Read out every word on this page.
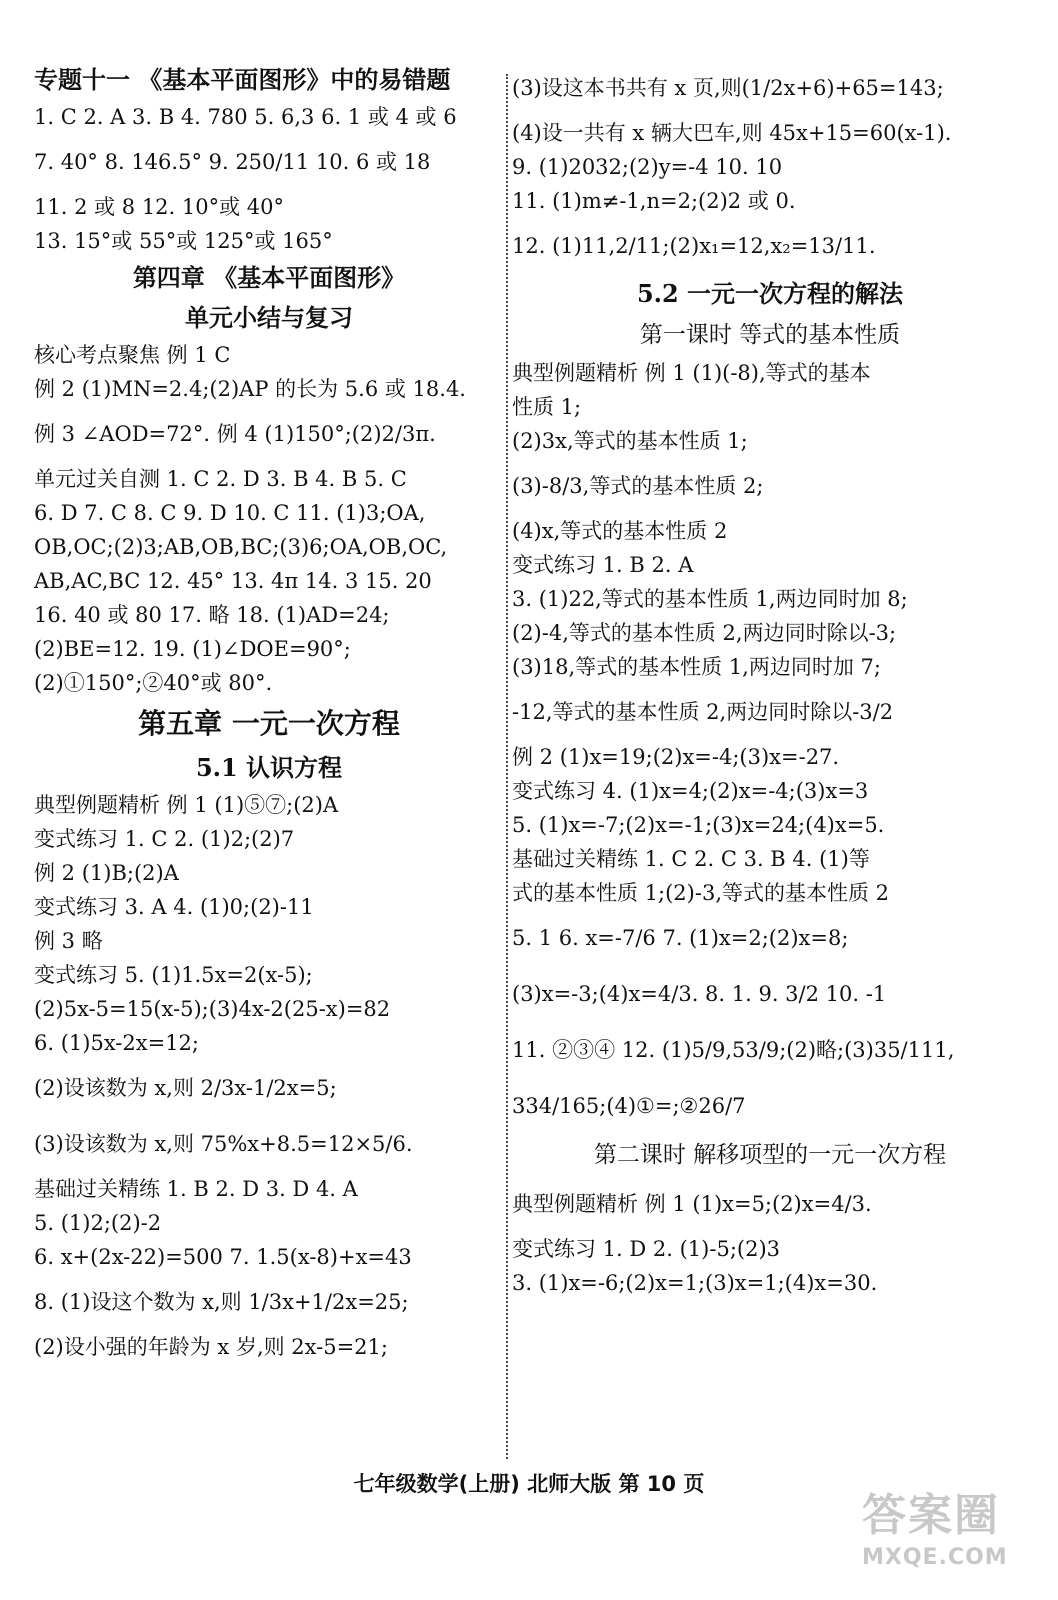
专题十一 《基本平面图形》中的易错题
1. C 2. A 3. B 4. 780 5. 6,3 6. 1 或 4 或 6
7. 40° 8. 146.5° 9. 250/11 10. 6 或 18
11. 2 或 8 12. 10°或 40°
13. 15°或 55°或 125°或 165°
第四章 《基本平面图形》
单元小结与复习
核心考点聚焦 例 1 C
例 2 (1)MN=2.4;(2)AP 的长为 5.6 或 18.4.
例 3 ∠AOD=72°. 例 4 (1)150°;(2)2/3π.
单元过关自测 1. C 2. D 3. B 4. B 5. C
6. D 7. C 8. C 9. D 10. C 11. (1)3;OA,
OB,OC;(2)3;AB,OB,BC;(3)6;OA,OB,OC,
AB,AC,BC 12. 45° 13. 4π 14. 3 15. 20
16. 40 或 80 17. 略 18. (1)AD=24;
(2)BE=12. 19. (1)∠DOE=90°;
(2)①150°;②40°或 80°.
第五章 一元一次方程
5.1 认识方程
典型例题精析 例 1 (1)⑤⑦;(2)A
变式练习 1. C 2. (1)2;(2)7
例 2 (1)B;(2)A
变式练习 3. A 4. (1)0;(2)-11
例 3 略
变式练习 5. (1)1.5x=2(x-5);
(2)5x-5=15(x-5);(3)4x-2(25-x)=82
6. (1)5x-2x=12;
(2)设该数为 x,则 2/3x-1/2x=5;
(3)设该数为 x,则 75%x+8.5=12×5/6.
基础过关精练 1. B 2. D 3. D 4. A
5. (1)2;(2)-2
6. x+(2x-22)=500 7. 1.5(x-8)+x=43
8. (1)设这个数为 x,则 1/3x+1/2x=25;
(2)设小强的年龄为 x 岁,则 2x-5=21;
(3)设这本书共有 x 页,则(1/2x+6)+65=143;
(4)设一共有 x 辆大巴车,则 45x+15=60(x-1).
9. (1)2032;(2)y=-4 10. 10
11. (1)m≠-1,n=2;(2)2 或 0.
12. (1)11,2/11;(2)x₁=12,x₂=13/11.
5.2 一元一次方程的解法
第一课时 等式的基本性质
典型例题精析 例 1 (1)(-8),等式的基本
性质 1;
(2)3x,等式的基本性质 1;
(3)-8/3,等式的基本性质 2;
(4)x,等式的基本性质 2
变式练习 1. B 2. A
3. (1)22,等式的基本性质 1,两边同时加 8;
(2)-4,等式的基本性质 2,两边同时除以-3;
(3)18,等式的基本性质 1,两边同时加 7;
-12,等式的基本性质 2,两边同时除以-3/2
例 2 (1)x=19;(2)x=-4;(3)x=-27.
变式练习 4. (1)x=4;(2)x=-4;(3)x=3
5. (1)x=-7;(2)x=-1;(3)x=24;(4)x=5.
基础过关精练 1. C 2. C 3. B 4. (1)等
式的基本性质 1;(2)-3,等式的基本性质 2
5. 1 6. x=-7/6 7. (1)x=2;(2)x=8;
(3)x=-3;(4)x=4/3. 8. 1. 9. 3/2 10. -1
11. ②③④ 12. (1)5/9,53/9;(2)略;(3)35/111,
334/165;(4)①=;②26/7
第二课时 解移项型的一元一次方程
典型例题精析 例 1 (1)x=5;(2)x=4/3.
变式练习 1. D 2. (1)-5;(2)3
3. (1)x=-6;(2)x=1;(3)x=1;(4)x=30.
七年级数学(上册) 北师大版 第 10 页
答案圈
MXQE.COM
